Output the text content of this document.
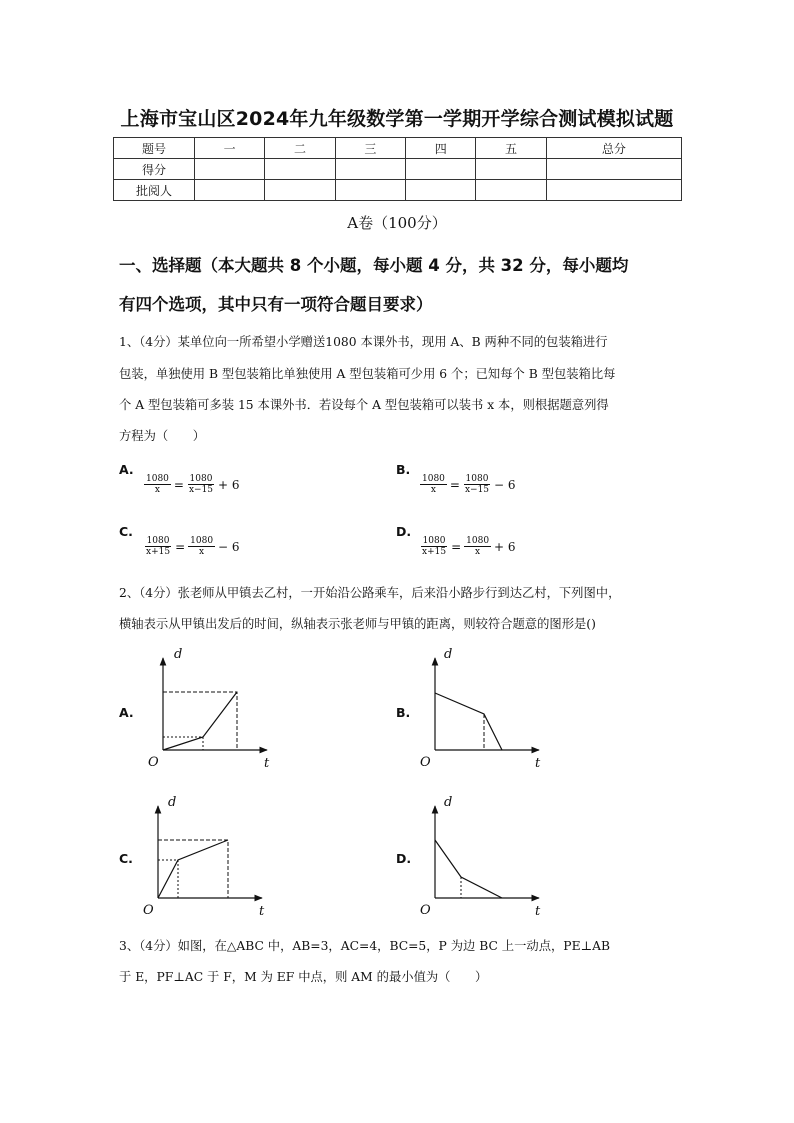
上海市宝山区2024年九年级数学第一学期开学综合测试模拟试题
题号	一	二	三	四	五	总分
得分						
批阅人						
A卷（100分）
一、选择题（本大题共 8 个小题，每小题 4 分，共 32 分，每小题均
有四个选项，其中只有一项符合题目要求）
1、（4分）某单位向一所希望小学赠送1080 本课外书，现用 A、B 两种不同的包装箱进行
包装，单独使用 B 型包装箱比单独使用 A 型包装箱可少用 6 个；已知每个 B 型包装箱比每
个 A 型包装箱可多装 15 本课外书．若设每个 A 型包装箱可以装书 x 本，则根据题意列得
方程为（　　）
A.
$\frac{1080}{x} = \frac{1080}{x-15} + 6$
B.
$\frac{1080}{x} = \frac{1080}{x-15} - 6$
C.
$\frac{1080}{x+15} = \frac{1080}{x} - 6$
D.
$\frac{1080}{x+15} = \frac{1080}{x} + 6$
2、（4分）张老师从甲镇去乙村，一开始沿公路乘车，后来沿小路步行到达乙村，下列图中，
横轴表示从甲镇出发后的时间，纵轴表示张老师与甲镇的距离，则较符合题意的图形是()
A.
d
t
O
B.
d
t
O
C.
d
t
O
D.
d
t
O
3、（4分）如图，在△ABC 中，AB=3，AC=4，BC=5，P 为边 BC 上一动点，PE⊥AB
于 E，PF⊥AC 于 F，M 为 EF 中点，则 AM 的最小值为（　　）
